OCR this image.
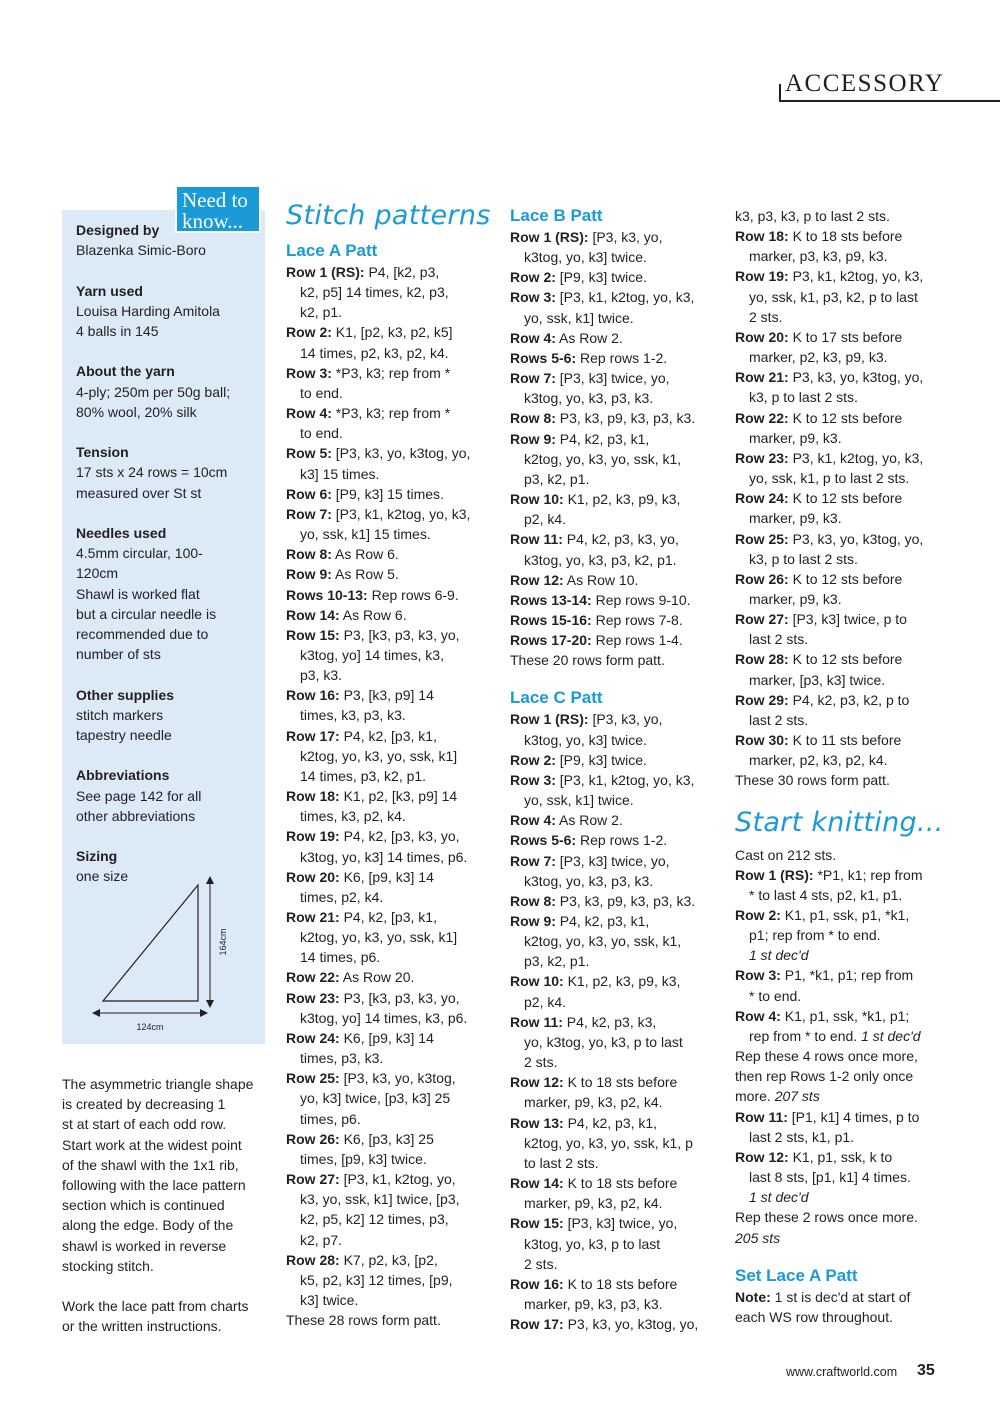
ACCESSORY
Need to
know...
Designed by
Blazenka Simic-Boro
Yarn used
Louisa Harding Amitola
4 balls in 145
About the yarn
4-ply; 250m per 50g ball;
80% wool, 20% silk
Tension
17 sts x 24 rows = 10cm
measured over St st
Needles used
4.5mm circular, 100-
120cm
Shawl is worked flat
but a circular needle is
recommended due to
number of sts
Other supplies
stitch markers
tapestry needle
Abbreviations
See page 142 for all
other abbreviations
Sizing
one size
164cm
124cm

The asymmetric triangle shape
is created by decreasing 1
st at start of each odd row.
Start work at the widest point
of the shawl with the 1x1 rib,
following with the lace pattern
section which is continued
along the edge. Body of the
shawl is worked in reverse
stocking stitch.

Work the lace patt from charts
or the written instructions.

Stitch patterns
Lace A Patt
Row 1 (RS): P4, [k2, p3,
k2, p5] 14 times, k2, p3,
k2, p1.
Row 2: K1, [p2, k3, p2, k5]
14 times, p2, k3, p2, k4.
Row 3: *P3, k3; rep from *
to end.
Row 4: *P3, k3; rep from *
to end.
Row 5: [P3, k3, yo, k3tog, yo,
k3] 15 times.
Row 6: [P9, k3] 15 times.
Row 7: [P3, k1, k2tog, yo, k3,
yo, ssk, k1] 15 times.
Row 8: As Row 6.
Row 9: As Row 5.
Rows 10-13: Rep rows 6-9.
Row 14: As Row 6.
Row 15: P3, [k3, p3, k3, yo,
k3tog, yo] 14 times, k3,
p3, k3.
Row 16: P3, [k3, p9] 14
times, k3, p3, k3.
Row 17: P4, k2, [p3, k1,
k2tog, yo, k3, yo, ssk, k1]
14 times, p3, k2, p1.
Row 18: K1, p2, [k3, p9] 14
times, k3, p2, k4.
Row 19: P4, k2, [p3, k3, yo,
k3tog, yo, k3] 14 times, p6.
Row 20: K6, [p9, k3] 14
times, p2, k4.
Row 21: P4, k2, [p3, k1,
k2tog, yo, k3, yo, ssk, k1]
14 times, p6.
Row 22: As Row 20.
Row 23: P3, [k3, p3, k3, yo,
k3tog, yo] 14 times, k3, p6.
Row 24: K6, [p9, k3] 14
times, p3, k3.
Row 25: [P3, k3, yo, k3tog,
yo, k3] twice, [p3, k3] 25
times, p6.
Row 26: K6, [p3, k3] 25
times, [p9, k3] twice.
Row 27: [P3, k1, k2tog, yo,
k3, yo, ssk, k1] twice, [p3,
k2, p5, k2] 12 times, p3,
k2, p7.
Row 28: K7, p2, k3, [p2,
k5, p2, k3] 12 times, [p9,
k3] twice.
These 28 rows form patt.
Lace B Patt
Row 1 (RS): [P3, k3, yo,
k3tog, yo, k3] twice.
Row 2: [P9, k3] twice.
Row 3: [P3, k1, k2tog, yo, k3,
yo, ssk, k1] twice.
Row 4: As Row 2.
Rows 5-6: Rep rows 1-2.
Row 7: [P3, k3] twice, yo,
k3tog, yo, k3, p3, k3.
Row 8: P3, k3, p9, k3, p3, k3.
Row 9: P4, k2, p3, k1,
k2tog, yo, k3, yo, ssk, k1,
p3, k2, p1.
Row 10: K1, p2, k3, p9, k3,
p2, k4.
Row 11: P4, k2, p3, k3, yo,
k3tog, yo, k3, p3, k2, p1.
Row 12: As Row 10.
Rows 13-14: Rep rows 9-10.
Rows 15-16: Rep rows 7-8.
Rows 17-20: Rep rows 1-4.
These 20 rows form patt.
Lace C Patt
Row 1 (RS): [P3, k3, yo,
k3tog, yo, k3] twice.
Row 2: [P9, k3] twice.
Row 3: [P3, k1, k2tog, yo, k3,
yo, ssk, k1] twice.
Row 4: As Row 2.
Rows 5-6: Rep rows 1-2.
Row 7: [P3, k3] twice, yo,
k3tog, yo, k3, p3, k3.
Row 8: P3, k3, p9, k3, p3, k3.
Row 9: P4, k2, p3, k1,
k2tog, yo, k3, yo, ssk, k1,
p3, k2, p1.
Row 10: K1, p2, k3, p9, k3,
p2, k4.
Row 11: P4, k2, p3, k3,
yo, k3tog, yo, k3, p to last
2 sts.
Row 12: K to 18 sts before
marker, p9, k3, p2, k4.
Row 13: P4, k2, p3, k1,
k2tog, yo, k3, yo, ssk, k1, p
to last 2 sts.
Row 14: K to 18 sts before
marker, p9, k3, p2, k4.
Row 15: [P3, k3] twice, yo,
k3tog, yo, k3, p to last
2 sts.
Row 16: K to 18 sts before
marker, p9, k3, p3, k3.
Row 17: P3, k3, yo, k3tog, yo,
k3, p3, k3, p to last 2 sts.
Row 18: K to 18 sts before
marker, p3, k3, p9, k3.
Row 19: P3, k1, k2tog, yo, k3,
yo, ssk, k1, p3, k2, p to last
2 sts.
Row 20: K to 17 sts before
marker, p2, k3, p9, k3.
Row 21: P3, k3, yo, k3tog, yo,
k3, p to last 2 sts.
Row 22: K to 12 sts before
marker, p9, k3.
Row 23: P3, k1, k2tog, yo, k3,
yo, ssk, k1, p to last 2 sts.
Row 24: K to 12 sts before
marker, p9, k3.
Row 25: P3, k3, yo, k3tog, yo,
k3, p to last 2 sts.
Row 26: K to 12 sts before
marker, p9, k3.
Row 27: [P3, k3] twice, p to
last 2 sts.
Row 28: K to 12 sts before
marker, [p3, k3] twice.
Row 29: P4, k2, p3, k2, p to
last 2 sts.
Row 30: K to 11 sts before
marker, p2, k3, p2, k4.
These 30 rows form patt.
Start knitting...
Cast on 212 sts.
Row 1 (RS): *P1, k1; rep from
* to last 4 sts, p2, k1, p1.
Row 2: K1, p1, ssk, p1, *k1,
p1; rep from * to end.
1 st dec'd
Row 3: P1, *k1, p1; rep from
* to end.
Row 4: K1, p1, ssk, *k1, p1;
rep from * to end. 1 st dec'd
Rep these 4 rows once more,
then rep Rows 1-2 only once
more. 207 sts
Row 11: [P1, k1] 4 times, p to
last 2 sts, k1, p1.
Row 12: K1, p1, ssk, k to
last 8 sts, [p1, k1] 4 times.
1 st dec'd
Rep these 2 rows once more.
205 sts
Set Lace A Patt
Note: 1 st is dec'd at start of
each WS row throughout.
www.craftworld.com 35
